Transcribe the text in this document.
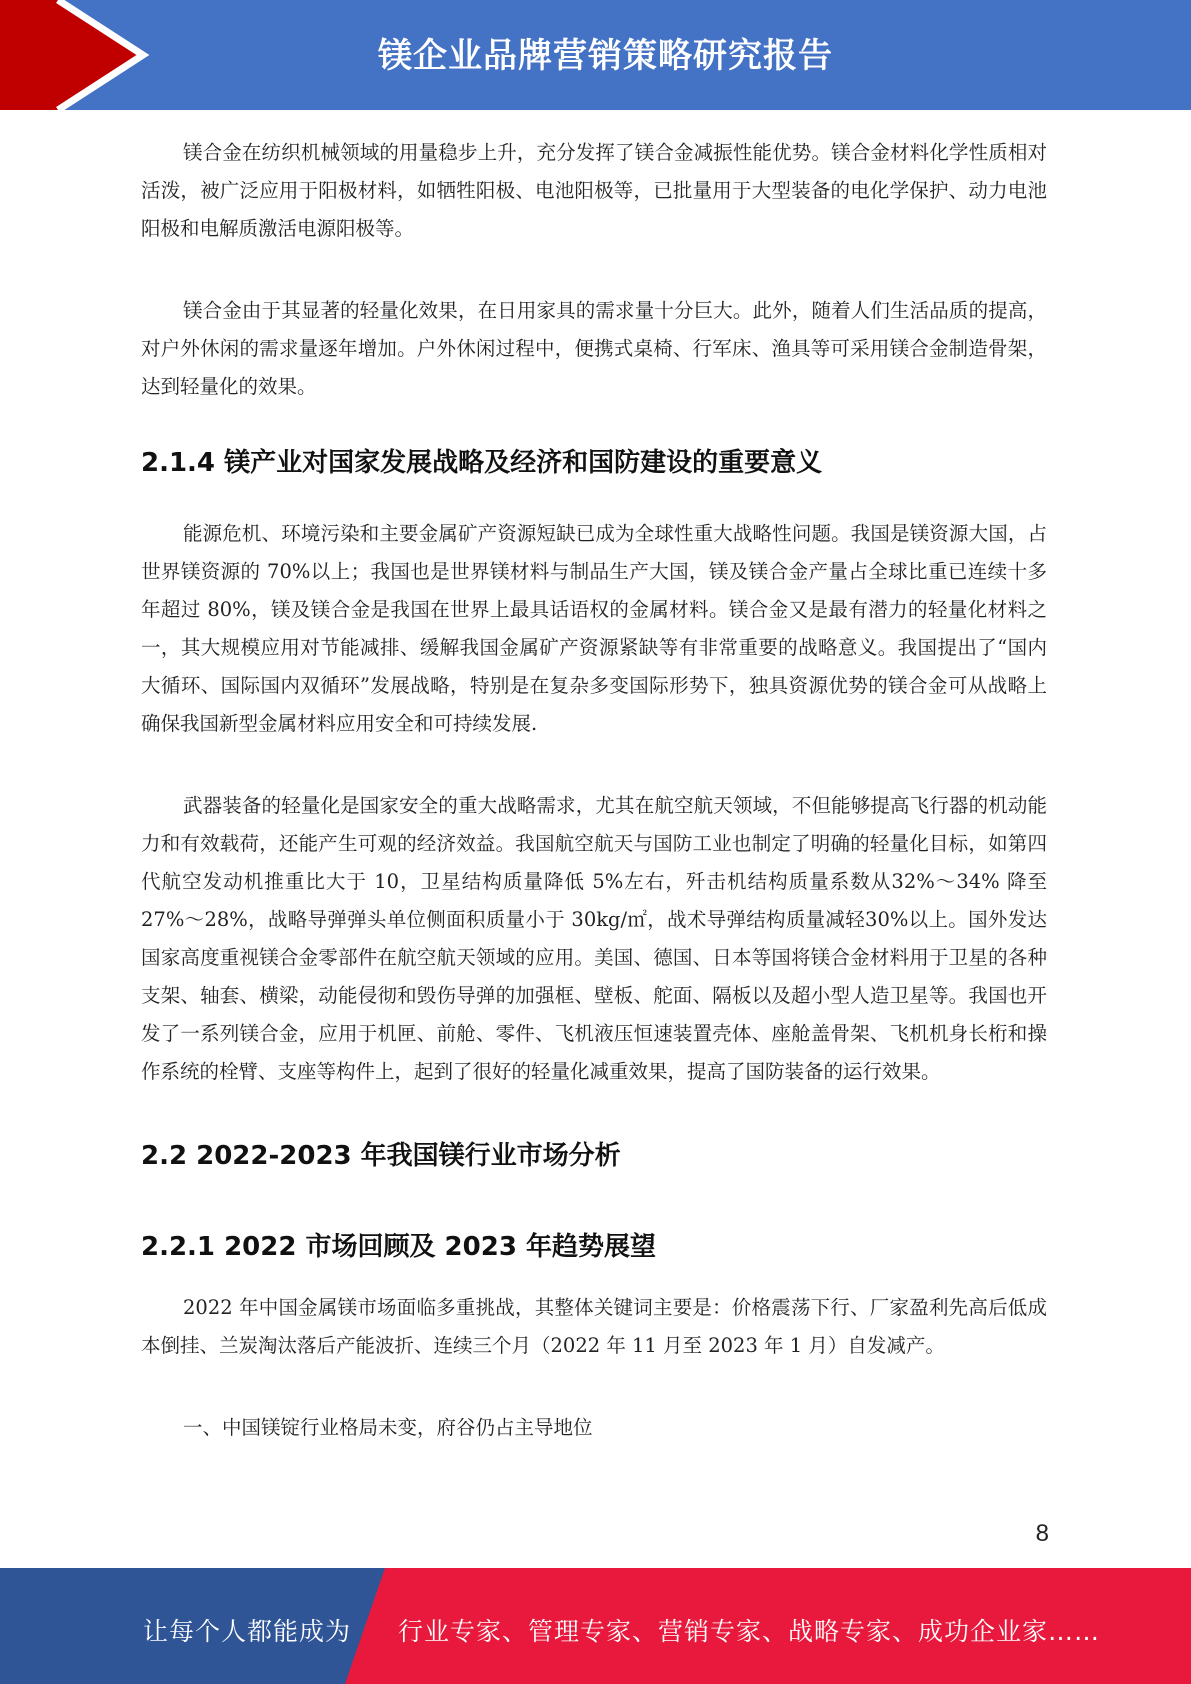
镁企业品牌营销策略研究报告

镁合金在纺织机械领域的用量稳步上升，充分发挥了镁合金减振性能优势。镁合金材料化学性质相对活泼，被广泛应用于阳极材料，如牺牲阳极、电池阳极等，已批量用于大型装备的电化学保护、动力电池阳极和电解质激活电源阳极等。

镁合金由于其显著的轻量化效果，在日用家具的需求量十分巨大。此外，随着人们生活品质的提高，对户外休闲的需求量逐年增加。户外休闲过程中，便携式桌椅、行军床、渔具等可采用镁合金制造骨架，达到轻量化的效果。

2.1.4 镁产业对国家发展战略及经济和国防建设的重要意义

能源危机、环境污染和主要金属矿产资源短缺已成为全球性重大战略性问题。我国是镁资源大国，占世界镁资源的 70%以上；我国也是世界镁材料与制品生产大国，镁及镁合金产量占全球比重已连续十多年超过 80%，镁及镁合金是我国在世界上最具话语权的金属材料。镁合金又是最有潜力的轻量化材料之一，其大规模应用对节能减排、缓解我国金属矿产资源紧缺等有非常重要的战略意义。我国提出了“国内大循环、国际国内双循环”发展战略，特别是在复杂多变国际形势下，独具资源优势的镁合金可从战略上确保我国新型金属材料应用安全和可持续发展.

武器装备的轻量化是国家安全的重大战略需求，尤其在航空航天领域，不但能够提高飞行器的机动能力和有效载荷，还能产生可观的经济效益。我国航空航天与国防工业也制定了明确的轻量化目标，如第四代航空发动机推重比大于 10，卫星结构质量降低 5%左右，歼击机结构质量系数从32%～34% 降至 27%～28%，战略导弹弹头单位侧面积质量小于 30kg/㎡，战术导弹结构质量减轻30%以上。国外发达国家高度重视镁合金零部件在航空航天领域的应用。美国、德国、日本等国将镁合金材料用于卫星的各种支架、轴套、横梁，动能侵彻和毁伤导弹的加强框、壁板、舵面、隔板以及超小型人造卫星等。我国也开发了一系列镁合金，应用于机匣、前舱、零件、飞机液压恒速装置壳体、座舱盖骨架、飞机机身长桁和操作系统的栓臂、支座等构件上，起到了很好的轻量化减重效果，提高了国防装备的运行效果。

2.2 2022-2023 年我国镁行业市场分析
2.2.1 2022 市场回顾及 2023 年趋势展望

2022 年中国金属镁市场面临多重挑战，其整体关键词主要是：价格震荡下行、厂家盈利先高后低成本倒挂、兰炭淘汰落后产能波折、连续三个月（2022 年 11 月至 2023 年 1 月）自发减产。

一、中国镁锭行业格局未变，府谷仍占主导地位

8
让每个人都能成为 行业专家、管理专家、营销专家、战略专家、成功企业家……
